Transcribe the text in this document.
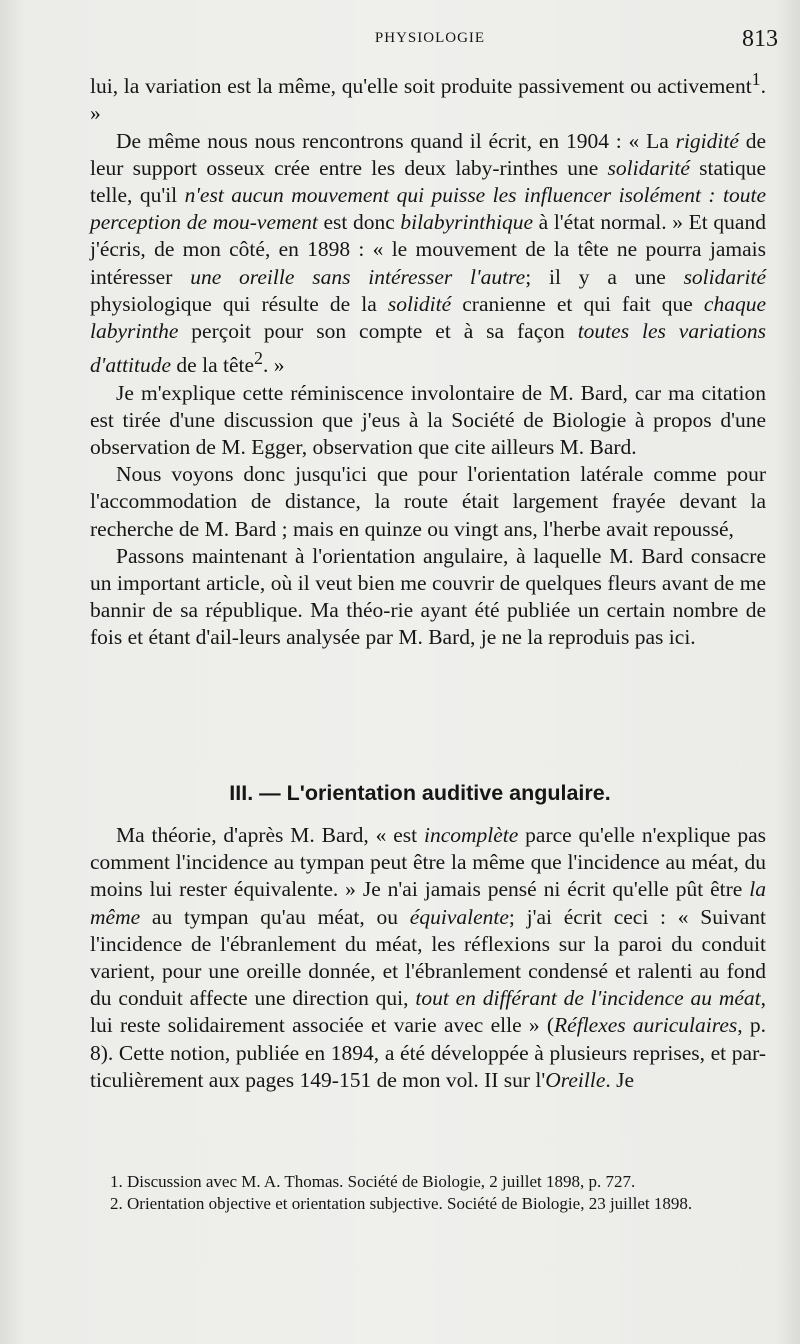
PHYSIOLOGIE	813

lui, la variation est la même, qu'elle soit produite passivement ou activement$^1$. »

De même nous nous rencontrons quand il écrit, en 1904 : « La rigidité de leur support osseux crée entre les deux laby-rinthes une solidarité statique telle, qu'il n'est aucun mouvement qui puisse les influencer isolément : toute perception de mou-vement est donc bilabyrinthique à l'état normal. » Et quand j'écris, de mon côté, en 1898 : « le mouvement de la tête ne pourra jamais intéresser une oreille sans intéresser l'autre; il y a une solidarité physiologique qui résulte de la solidité cranienne et qui fait que chaque labyrinthe perçoit pour son compte et à sa façon toutes les variations d'attitude de la tête$^2$. »

Je m'explique cette réminiscence involontaire de M. Bard, car ma citation est tirée d'une discussion que j'eus à la Société de Biologie à propos d'une observation de M. Egger, observation que cite ailleurs M. Bard.

Nous voyons donc jusqu'ici que pour l'orientation latérale comme pour l'accommodation de distance, la route était largement frayée devant la recherche de M. Bard ; mais en quinze ou vingt ans, l'herbe avait repoussé,

Passons maintenant à l'orientation angulaire, à laquelle M. Bard consacre un important article, où il veut bien me couvrir de quelques fleurs avant de me bannir de sa république. Ma théo-rie ayant été publiée un certain nombre de fois et étant d'ail-leurs analysée par M. Bard, je ne la reproduis pas ici.

III. — L'orientation auditive angulaire.

Ma théorie, d'après M. Bard, « est incomplète parce qu'elle n'explique pas comment l'incidence au tympan peut être la même que l'incidence au méat, du moins lui rester équivalente. » Je n'ai jamais pensé ni écrit qu'elle pût être la même au tympan qu'au méat, ou équivalente; j'ai écrit ceci : « Suivant l'incidence de l'ébranlement du méat, les réflexions sur la paroi du conduit varient, pour une oreille donnée, et l'ébranlement condensé et ralenti au fond du conduit affecte une direction qui, tout en différant de l'incidence au méat, lui reste solidairement associée et varie avec elle » (Réflexes auriculaires, p. 8). Cette notion, publiée en 1894, a été développée à plusieurs reprises, et par-ticulièrement aux pages 149-151 de mon vol. II sur l'Oreille. Je

1. Discussion avec M. A. Thomas. Société de Biologie, 2 juillet 1898, p. 727.

2. Orientation objective et orientation subjective. Société de Biologie, 23 juillet 1898.
